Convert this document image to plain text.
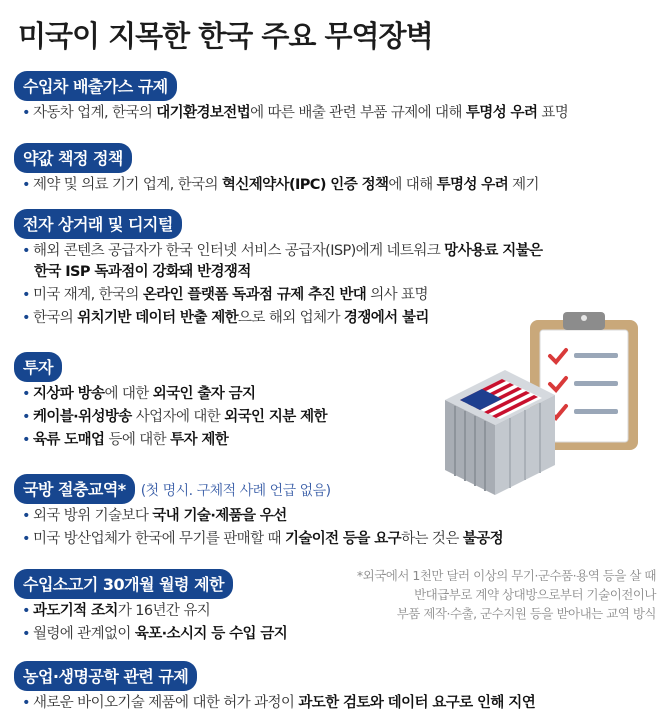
미국이 지목한 한국 주요 무역장벽
수입차 배출가스 규제
• 자동차 업계, 한국의 대기환경보전법에 따른 배출 관련 부품 규제에 대해 투명성 우려 표명
약값 책정 정책
• 제약 및 의료 기기 업계, 한국의 혁신제약사(IPC) 인증 정책에 대해 투명성 우려 제기
전자 상거래 및 디지털
• 해외 콘텐츠 공급자가 한국 인터넷 서비스 공급자(ISP)에게 네트워크 망사용료 지불은
한국 ISP 독과점이 강화돼 반경쟁적
• 미국 재계, 한국의 온라인 플랫폼 독과점 규제 추진 반대 의사 표명
• 한국의 위치기반 데이터 반출 제한으로 해외 업체가 경쟁에서 불리
투자
• 지상파 방송에 대한 외국인 출자 금지
• 케이블·위성방송 사업자에 대한 외국인 지분 제한
• 육류 도매업 등에 대한 투자 제한
국방 절충교역* (첫 명시. 구체적 사례 언급 없음)
• 외국 방위 기술보다 국내 기술·제품을 우선
• 미국 방산업체가 한국에 무기를 판매할 때 기술이전 등을 요구하는 것은 불공정
수입소고기 30개월 월령 제한
• 과도기적 조치가 16년간 유지
• 월령에 관계없이 육포·소시지 등 수입 금지
농업·생명공학 관련 규제
• 새로운 바이오기술 제품에 대한 허가 과정이 과도한 검토와 데이터 요구로 인해 지연
*외국에서 1천만 달러 이상의 무기·군수품·용역 등을 살 때
반대급부로 계약 상대방으로부터 기술이전이나
부품 제작·수출, 군수지원 등을 받아내는 교역 방식
